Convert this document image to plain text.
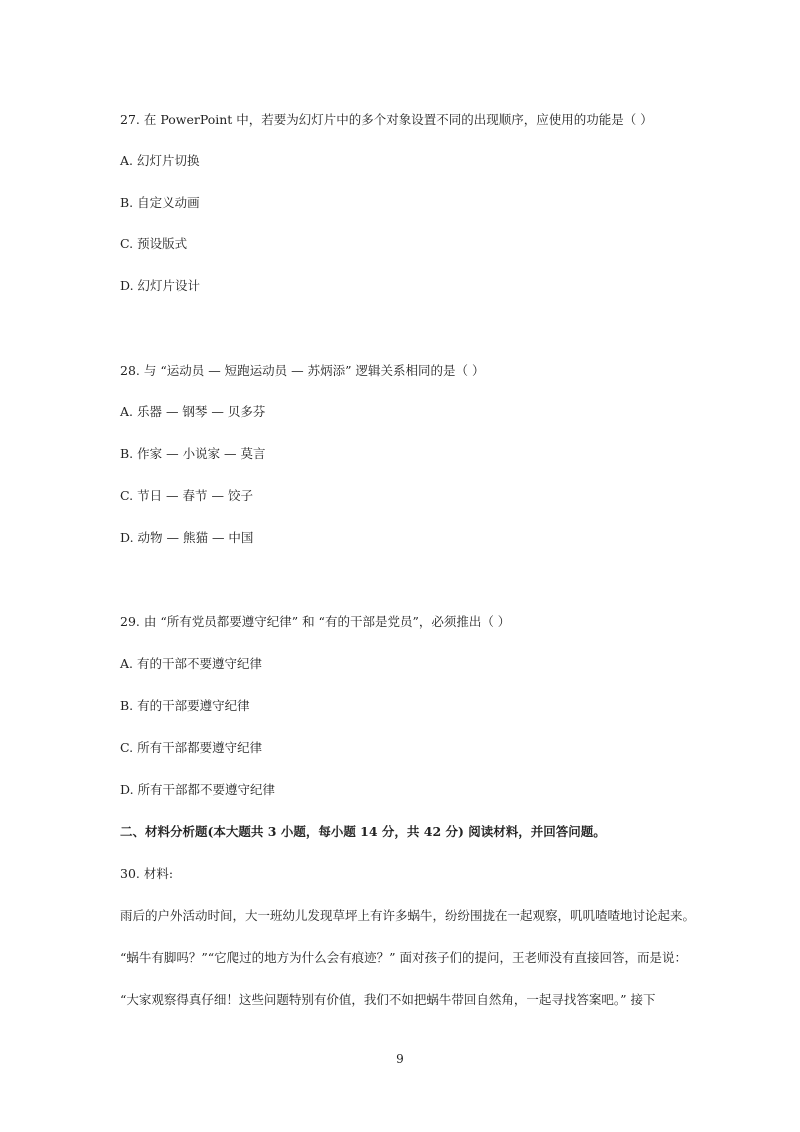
27. 在 PowerPoint 中，若要为幻灯片中的多个对象设置不同的出现顺序，应使用的功能是（ ）
A. 幻灯片切换
B. 自定义动画
C. 预设版式
D. 幻灯片设计
28. 与 “运动员 — 短跑运动员 — 苏炳添” 逻辑关系相同的是（ ）
A. 乐器 — 钢琴 — 贝多芬
B. 作家 — 小说家 — 莫言
C. 节日 — 春节 — 饺子
D. 动物 — 熊猫 — 中国
29. 由 “所有党员都要遵守纪律” 和 “有的干部是党员”，必须推出（ ）
A. 有的干部不要遵守纪律
B. 有的干部要遵守纪律
C. 所有干部都要遵守纪律
D. 所有干部都不要遵守纪律
二、材料分析题(本大题共 3 小题，每小题 14 分，共 42 分) 阅读材料，并回答问题。
30. 材料:
雨后的户外活动时间，大一班幼儿发现草坪上有许多蜗牛，纷纷围拢在一起观察，叽叽喳喳地讨论起来。
“蜗牛有脚吗？”“它爬过的地方为什么会有痕迹？” 面对孩子们的提问，王老师没有直接回答，而是说：
“大家观察得真仔细！这些问题特别有价值，我们不如把蜗牛带回自然角，一起寻找答案吧。” 接下
9
